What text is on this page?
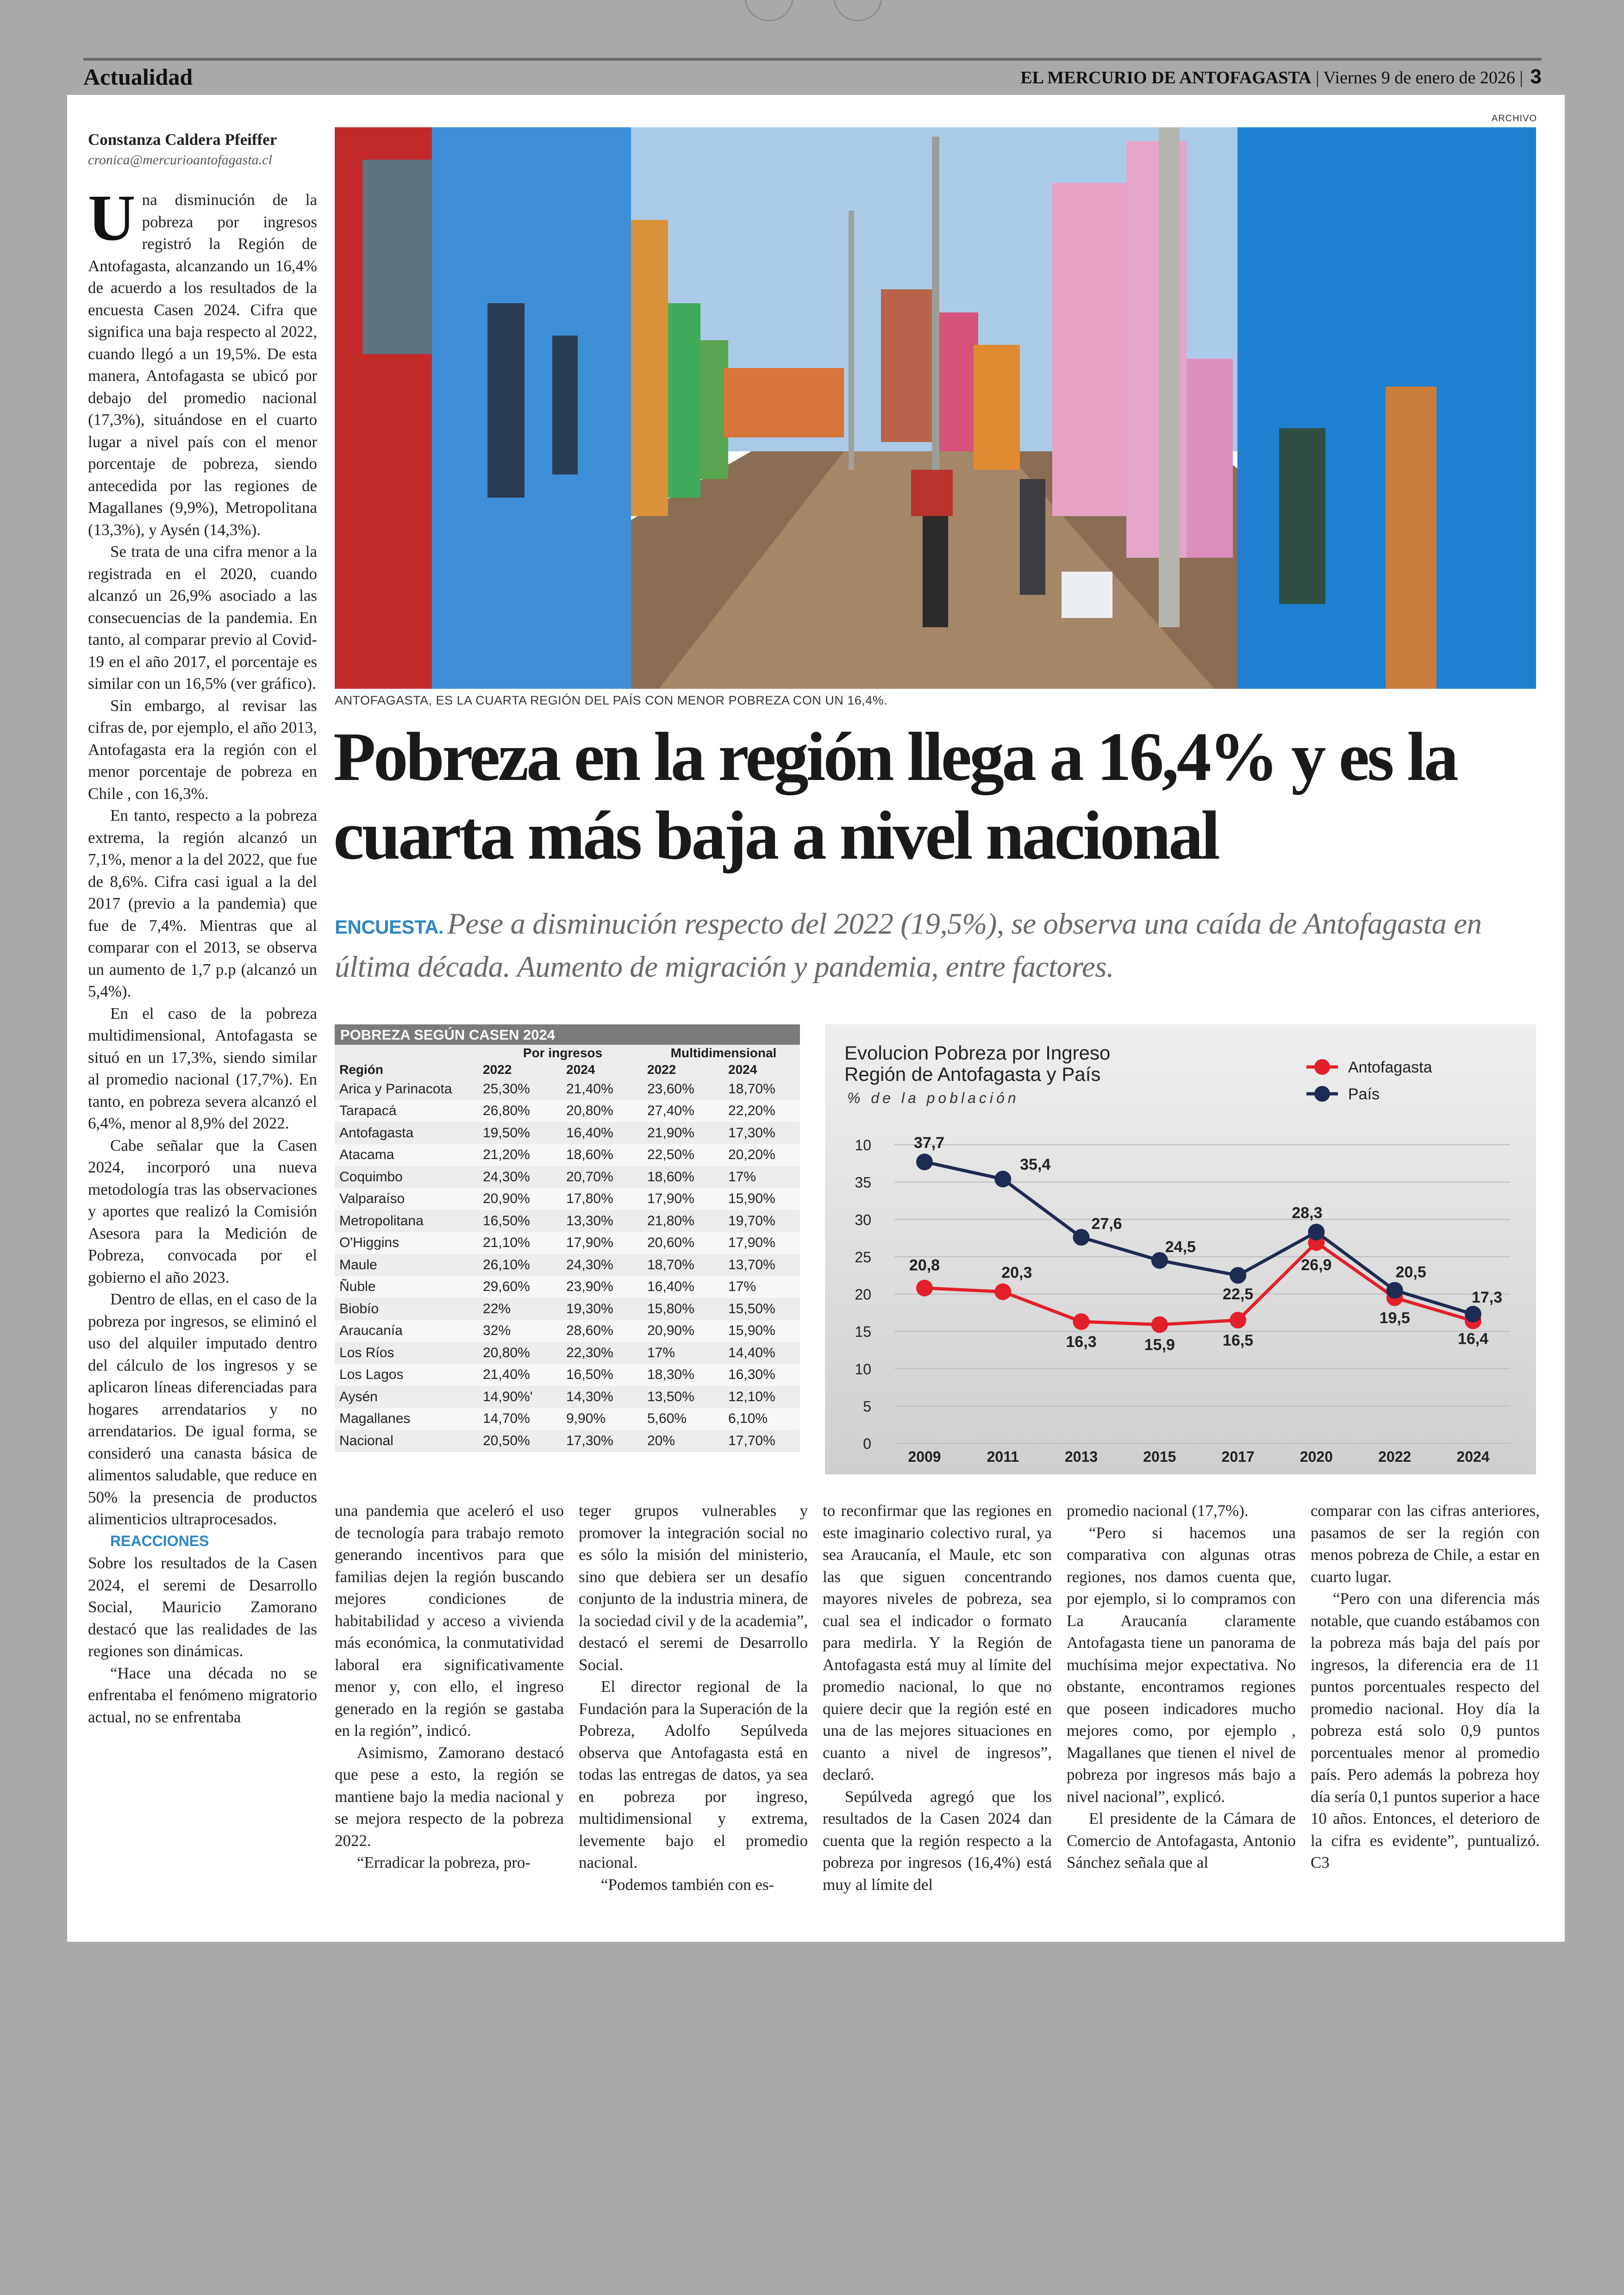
Actualidad	EL MERCURIO DE ANTOFAGASTA | Viernes 9 de enero de 2026 | 3
ARCHIVO
Constanza Caldera Pfeiffer
cronica@mercurioantofagasta.cl

Una disminución de la pobreza por ingresos registró la Región de Antofagasta, alcanzando un 16,4% de acuerdo a los resultados de la encuesta Casen 2024. Cifra que significa una baja respecto al 2022, cuando llegó a un 19,5%. De esta manera, Antofagasta se ubicó por debajo del promedio nacional (17,3%), situándose en el cuarto lugar a nivel país con el menor porcentaje de pobreza, siendo antecedida por las regiones de Magallanes (9,9%), Metropolitana (13,3%), y Aysén (14,3%).

Se trata de una cifra menor a la registrada en el 2020, cuando alcanzó un 26,9% asociado a las consecuencias de la pandemia. En tanto, al comparar previo al Covid-19 en el año 2017, el porcentaje es similar con un 16,5% (ver gráfico).

Sin embargo, al revisar las cifras de, por ejemplo, el año 2013, Antofagasta era la región con el menor porcentaje de pobreza en Chile , con 16,3%.

En tanto, respecto a la pobreza extrema, la región alcanzó un 7,1%, menor a la del 2022, que fue de 8,6%. Cifra casi igual a la del 2017 (previo a la pandemia) que fue de 7,4%. Mientras que al comparar con el 2013, se observa un aumento de 1,7 p.p (alcanzó un 5,4%).

En el caso de la pobreza multidimensional, Antofagasta se situó en un 17,3%, siendo similar al promedio nacional (17,7%). En tanto, en pobreza severa alcanzó el 6,4%, menor al 8,9% del 2022.

Cabe señalar que la Casen 2024, incorporó una nueva metodología tras las observaciones y aportes que realizó la Comisión Asesora para la Medición de Pobreza, convocada por el gobierno el año 2023.

Dentro de ellas, en el caso de la pobreza por ingresos, se eliminó el uso del alquiler imputado dentro del cálculo de los ingresos y se aplicaron líneas diferenciadas para hogares arrendatarios y no arrendatarios. De igual forma, se consideró una canasta básica de alimentos saludable, que reduce en 50% la presencia de productos alimenticios ultraprocesados.

REACCIONES

Sobre los resultados de la Casen 2024, el seremi de Desarrollo Social, Mauricio Zamorano destacó que las realidades de las regiones son dinámicas.

“Hace una década no se enfrentaba el fenómeno migratorio actual, no se enfrentaba

ANTOFAGASTA, ES LA CUARTA REGIÓN DEL PAÍS CON MENOR POBREZA CON UN 16,4%.
Pobreza en la región llega a 16,4% y es la cuarta más baja a nivel nacional
ENCUESTA. Pese a disminución respecto del 2022 (19,5%), se observa una caída de Antofagasta en última década. Aumento de migración y pandemia, entre factores.
POBREZA SEGÚN CASEN 2024
	Por ingresos		Multidimensional	
Región	2022	2024	2022	2024
Arica y Parinacota	25,30%	21,40%	23,60%	18,70%
Tarapacá	26,80%	20,80%	27,40%	22,20%
Antofagasta	19,50%	16,40%	21,90%	17,30%
Atacama	21,20%	18,60%	22,50%	20,20%
Coquimbo	24,30%	20,70%	18,60%	17%
Valparaíso	20,90%	17,80%	17,90%	15,90%
Metropolitana	16,50%	13,30%	21,80%	19,70%
O'Higgins	21,10%	17,90%	20,60%	17,90%
Maule	26,10%	24,30%	18,70%	13,70%
Ñuble	29,60%	23,90%	16,40%	17%
Biobío	22%	19,30%	15,80%	15,50%
Araucanía	32%	28,60%	20,90%	15,90%
Los Ríos	20,80%	22,30%	17%	14,40%
Los Lagos	21,40%	16,50%	18,30%	16,30%
Aysén	14,90%'	14,30%	13,50%	12,10%
Magallanes	14,70%	9,90%	5,60%	6,10%
Nacional	20,50%	17,30%	20%	17,70%
Evolucion Pobreza por Ingreso
Región de Antofagasta y País
% de la población
Antofagasta
País
0
5
10
15
20
25
30
35
10
2009	2011	2013	2015	2017	2020	2022	2024
20,8	20,3
16,3	15,9	16,5
26,9
19,5
16,4
37,7
35,4
27,6
24,5
22,5
28,3
20,5
17,3

una pandemia que aceleró el uso de tecnología para trabajo remoto generando incentivos para que familias dejen la región buscando mejores condiciones de habitabilidad y acceso a vivienda más económica, la conmutatividad laboral era significativamente menor y, con ello, el ingreso generado en la región se gastaba en la región”, indicó.

Asimismo, Zamorano destacó que pese a esto, la región se mantiene bajo la media nacional y se mejora respecto de la pobreza 2022.

“Erradicar la pobreza, pro-

teger grupos vulnerables y promover la integración social no es sólo la misión del ministerio, sino que debiera ser un desafío conjunto de la industria minera, de la sociedad civil y de la academia”, destacó el seremi de Desarrollo Social.

El director regional de la Fundación para la Superación de la Pobreza, Adolfo Sepúlveda observa que Antofagasta está en todas las entregas de datos, ya sea en pobreza por ingreso, multidimensional y extrema, levemente bajo el promedio nacional.

“Podemos también con es-

to reconfirmar que las regiones en este imaginario colectivo rural, ya sea Araucanía, el Maule, etc son las que siguen concentrando mayores niveles de pobreza, sea cual sea el indicador o formato para medirla. Y la Región de Antofagasta está muy al límite del promedio nacional, lo que no quiere decir que la región esté en una de las mejores situaciones en cuanto a nivel de ingresos”, declaró.

Sepúlveda agregó que los resultados de la Casen 2024 dan cuenta que la región respecto a la pobreza por ingresos (16,4%) está muy al límite del

promedio nacional (17,7%).

“Pero si hacemos una comparativa con algunas otras regiones, nos damos cuenta que, por ejemplo, si lo compramos con La Araucanía claramente Antofagasta tiene un panorama de muchísima mejor expectativa. No obstante, encontramos regiones que poseen indicadores mucho mejores como, por ejemplo , Magallanes que tienen el nivel de pobreza por ingresos más bajo a nivel nacional”, explicó.

El presidente de la Cámara de Comercio de Antofagasta, Antonio Sánchez señala que al

comparar con las cifras anteriores, pasamos de ser la región con menos pobreza de Chile, a estar en cuarto lugar.

“Pero con una diferencia más notable, que cuando estábamos con la pobreza más baja del país por ingresos, la diferencia era de 11 puntos porcentuales respecto del promedio nacional. Hoy día la pobreza está solo 0,9 puntos porcentuales menor al promedio país. Pero además la pobreza hoy día sería 0,1 puntos superior a hace 10 años. Entonces, el deterioro de la cifra es evidente”, puntualizó. C3
